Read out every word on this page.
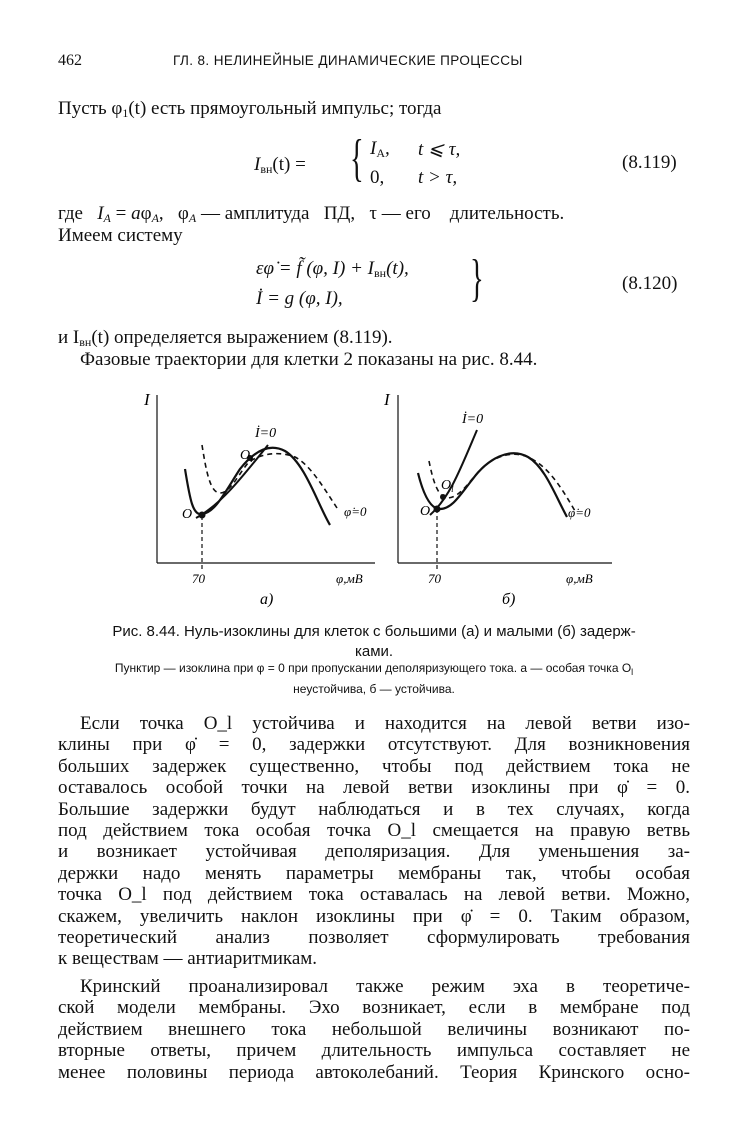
462	ГЛ. 8. НЕЛИНЕЙНЫЕ ДИНАМИЧЕСКИЕ ПРОЦЕССЫ
Пусть $\varphi_1(t)$ есть прямоугольный импульс; тогда
$I_{вн}(t)$ = { $I_A$, t ⩽ τ,
0, t > τ,
(8.119)
где   $I_A = a\varphi_A$,   $\varphi_A$ — амплитуда   ПД,   τ — его    длительность.
Имеем систему
εφ̇ = f̃ (φ, $I) + I_{вн}(t)$,
İ = g (φ, I), }	(8.120)
и $I_{вн}(t)$ определяется выражением (8.119).
Фазовые траектории для клетки 2 показаны на рис. 8.44.
I
İ=0
$O_l$
O	φ̇=0
70	φ,мВ
а)
I
İ=0
$O_l$
O	φ̇=0
70	φ,мВ
б)
Рис. 8.44. Нуль-изоклины для клеток с большими (а) и малыми (б) задерж-
ками.
Пунктир — изоклина при φ = 0 при пропускании деполяризующего тока. а — особая точка $O_l$
неустойчива, б — устойчива.
Если точка O_l устойчива и находится на левой ветви изо-
клины при φ̇ = 0, задержки отсутствуют. Для возникновения
больших задержек существенно, чтобы под действием тока не
оставалось особой точки на левой ветви изоклины при φ̇ = 0.
Большие задержки будут наблюдаться и в тех случаях, когда
под действием тока особая точка O_l смещается на правую ветвь
и возникает устойчивая деполяризация. Для уменьшения за-
держки надо менять параметры мембраны так, чтобы особая
точка O_l под действием тока оставалась на левой ветви. Можно,
скажем, увеличить наклон изоклины при φ̇ = 0. Таким образом,
теоретический анализ позволяет сформулировать требования
к веществам — антиаритмикам.
Кринский проанализировал также режим эха в теоретиче-
ской модели мембраны. Эхо возникает, если в мембране под
действием внешнего тока небольшой величины возникают по-
вторные ответы, причем длительность импульса составляет не
менее половины периода автоколебаний. Теория Кринского осно-
